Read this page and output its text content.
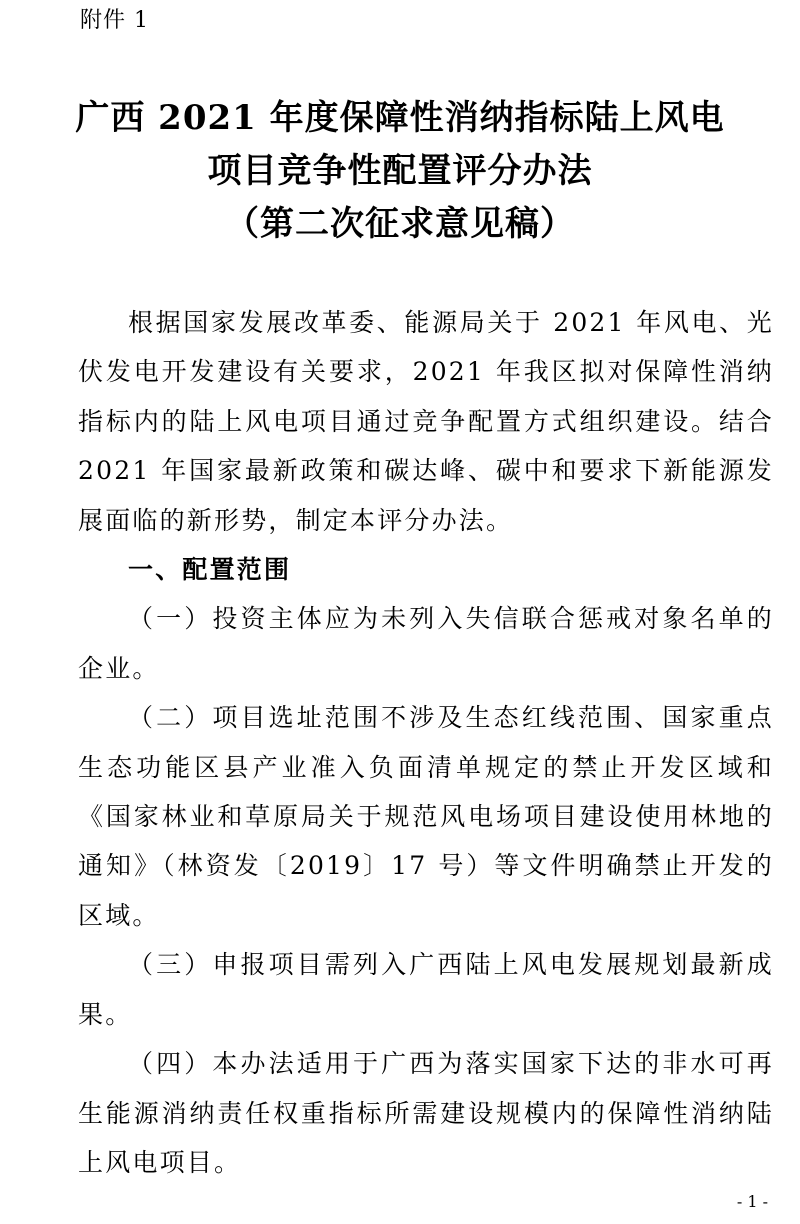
附件 1
广西 2021 年度保障性消纳指标陆上风电
项目竞争性配置评分办法
（第二次征求意见稿）

根据国家发展改革委、能源局关于 2021 年风电、光伏发电开发建设有关要求，2021 年我区拟对保障性消纳指标内的陆上风电项目通过竞争配置方式组织建设。结合 2021 年国家最新政策和碳达峰、碳中和要求下新能源发展面临的新形势，制定本评分办法。

一、配置范围

（一）投资主体应为未列入失信联合惩戒对象名单的企业。

（二）项目选址范围不涉及生态红线范围、国家重点生态功能区县产业准入负面清单规定的禁止开发区域和《国家林业和草原局关于规范风电场项目建设使用林地的通知》（林资发〔2019〕17 号）等文件明确禁止开发的区域。

（三）申报项目需列入广西陆上风电发展规划最新成果。

（四）本办法适用于广西为落实国家下达的非水可再生能源消纳责任权重指标所需建设规模内的保障性消纳陆上风电项目。

- 1 -
